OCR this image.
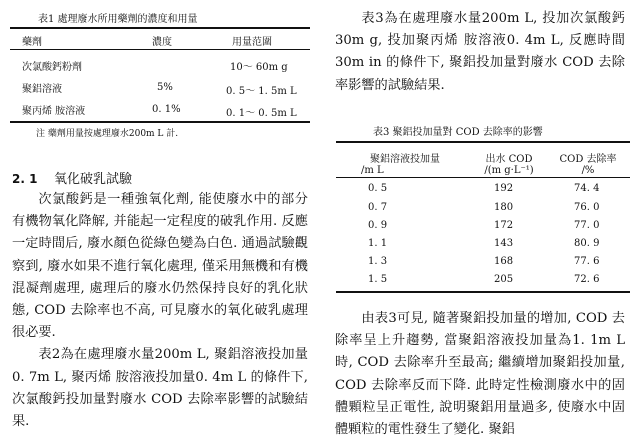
表1 處理廢水所用藥劑的濃度和用量
藥劑	濃度	用量范圍
次氯酸鈣粉劑	10～ 60m g
聚鋁溶液	5%	0. 5～ 1. 5m L
聚丙烯 胺溶液	0. 1%	0. 1～ 0. 5m L
注 藥劑用量按處理廢水200m L 計.
2. 1 氧化破乳試驗

次氯酸鈣是一種強氧化劑, 能使廢水中的部分有機物氧化降解, 并能起一定程度的破乳作用. 反應一定時間后, 廢水顏色從綠色變為白色. 通過試驗觀察到, 廢水如果不進行氧化處理, 僅采用無機和有機混凝劑處理, 處理后的廢水仍然保持良好的乳化狀態, COD 去除率也不高, 可見廢水的氧化破乳處理很必要.

表2為在處理廢水量200m L, 聚鋁溶液投加量0. 7m L, 聚丙烯 胺溶液投加量0. 4m L 的條件下, 次氯酸鈣投加量對廢水 COD 去除率影響的試驗結果.

表3為在處理廢水量200m L, 投加次氯酸鈣30m g, 投加聚丙烯 胺溶液0. 4m L, 反應時間30m in 的條件下, 聚鋁投加量對廢水 COD 去除率影響的試驗結果.

表3 聚鋁投加量對 COD 去除率的影響
聚鋁溶液投加量
/m L
出水 COD
/(m g·L⁻¹)
COD 去除率
/%
0. 5	192	74. 4
0. 7	180	76. 0
0. 9	172	77. 0
1. 1	143	80. 9
1. 3	168	77. 6
1. 5	205	72. 6

由表3可見, 隨著聚鋁投加量的增加, COD 去除率呈上升趨勢, 當聚鋁溶液投加量為1. 1m L 時, COD 去除率升至最高; 繼續增加聚鋁投加量, COD 去除率反而下降. 此時定性檢測廢水中的固體顆粒呈正電性, 說明聚鋁用量過多, 使廢水中固體顆粒的電性發生了變化. 聚鋁
